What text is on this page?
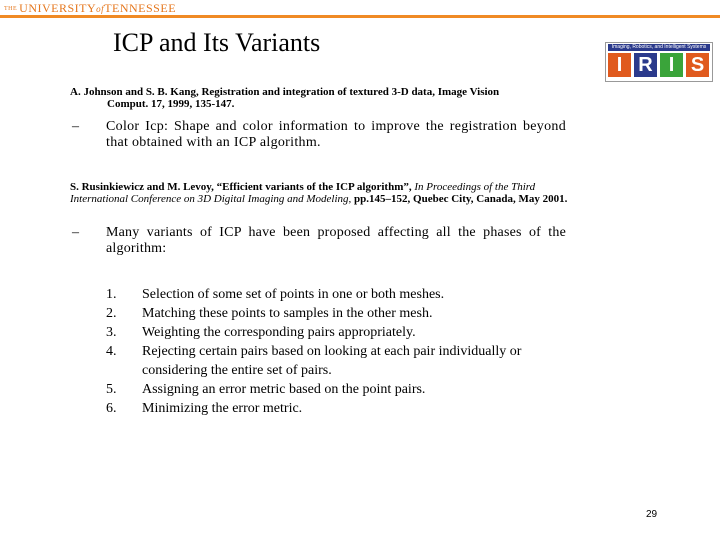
THE UNIVERSITYofTENNESSEE
ICP and Its Variants	Imaging, Robotics, and Intelligent Systems
I R I S
A. Johnson and S. B. Kang, Registration and integration of textured 3-D data, Image Vision
Comput. 17, 1999, 135-147.
– Color Icp: Shape and color information to improve the registration beyond that obtained with an ICP algorithm.
S. Rusinkiewicz and M. Levoy, “Efficient variants of the ICP algorithm”, In Proceedings of the Third International Conference on 3D Digital Imaging and Modeling, pp.145–152, Quebec City, Canada, May 2001.
– Many variants of ICP have been proposed affecting all the phases of the algorithm:
1.	Selection of some set of points in one or both meshes.
2.	Matching these points to samples in the other mesh.
3.	Weighting the corresponding pairs appropriately.
4.	Rejecting certain pairs based on looking at each pair individually or considering the entire set of pairs.
5.	Assigning an error metric based on the point pairs.
6.	Minimizing the error metric.
29
